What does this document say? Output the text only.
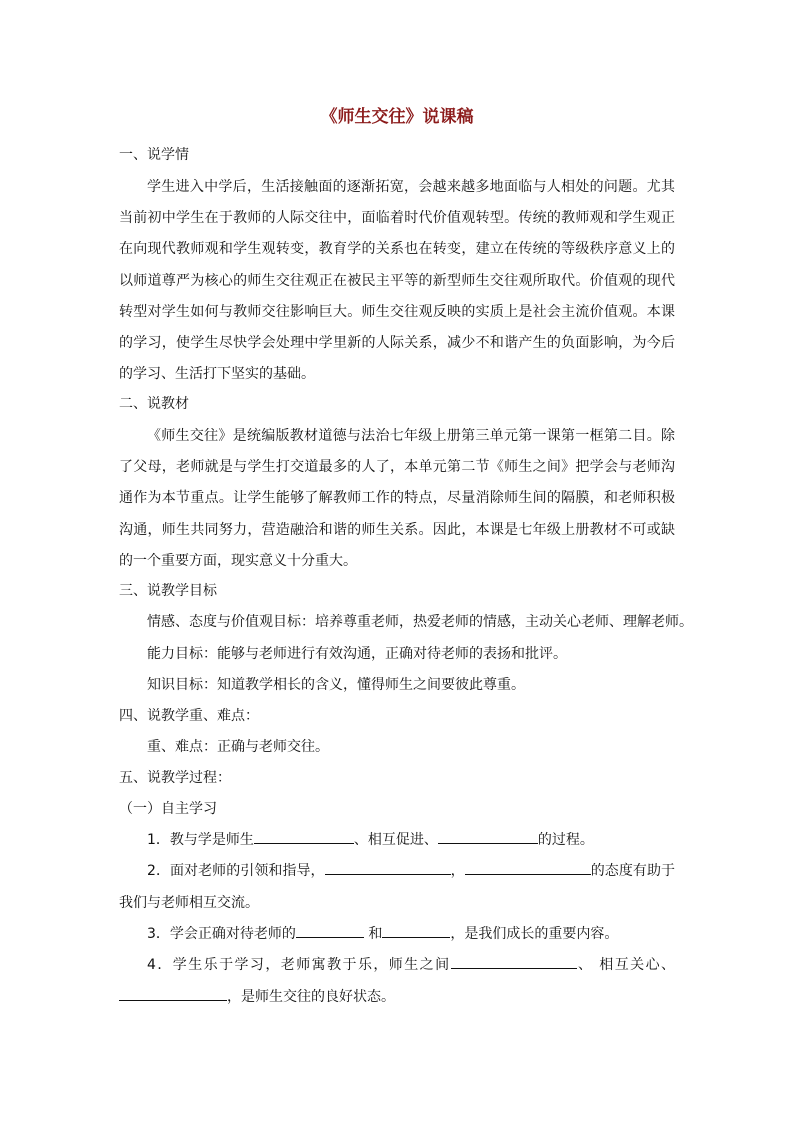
《师生交往》说课稿
一、说学情
学生进入中学后，生活接触面的逐渐拓宽，会越来越多地面临与人相处的问题。尤其当前初中学生在于教师的人际交往中，面临着时代价值观转型。传统的教师观和学生观正在向现代教师观和学生观转变，教育学的关系也在转变，建立在传统的等级秩序意义上的以师道尊严为核心的师生交往观正在被民主平等的新型师生交往观所取代。价值观的现代转型对学生如何与教师交往影响巨大。师生交往观反映的实质上是社会主流价值观。本课的学习，使学生尽快学会处理中学里新的人际关系，减少不和谐产生的负面影响，为今后的学习、生活打下坚实的基础。
二、说教材
《师生交往》是统编版教材道德与法治七年级上册第三单元第一课第一框第二目。除了父母，老师就是与学生打交道最多的人了，本单元第二节《师生之间》把学会与老师沟通作为本节重点。让学生能够了解教师工作的特点，尽量消除师生间的隔膜，和老师积极沟通，师生共同努力，营造融洽和谐的师生关系。因此，本课是七年级上册教材不可或缺的一个重要方面，现实意义十分重大。
三、说教学目标
情感、态度与价值观目标：培养尊重老师，热爱老师的情感，主动关心老师、理解老师。
能力目标：能够与老师进行有效沟通，正确对待老师的表扬和批评。
知识目标：知道教学相长的含义，懂得师生之间要彼此尊重。
四、说教学重、难点：
重、难点：正确与老师交往。
五、说教学过程：
（一）自主学习
1．教与学是师生	、相互促进、	的过程。
2．面对老师的引领和指导，	，	的态度有助于我们与老师相互交流。
3．学会正确对待老师的	和	，是我们成长的重要内容。
4．学生乐于学习，老师寓教于乐，师生之间	、 相互关心、，是师生交往的良好状态。
